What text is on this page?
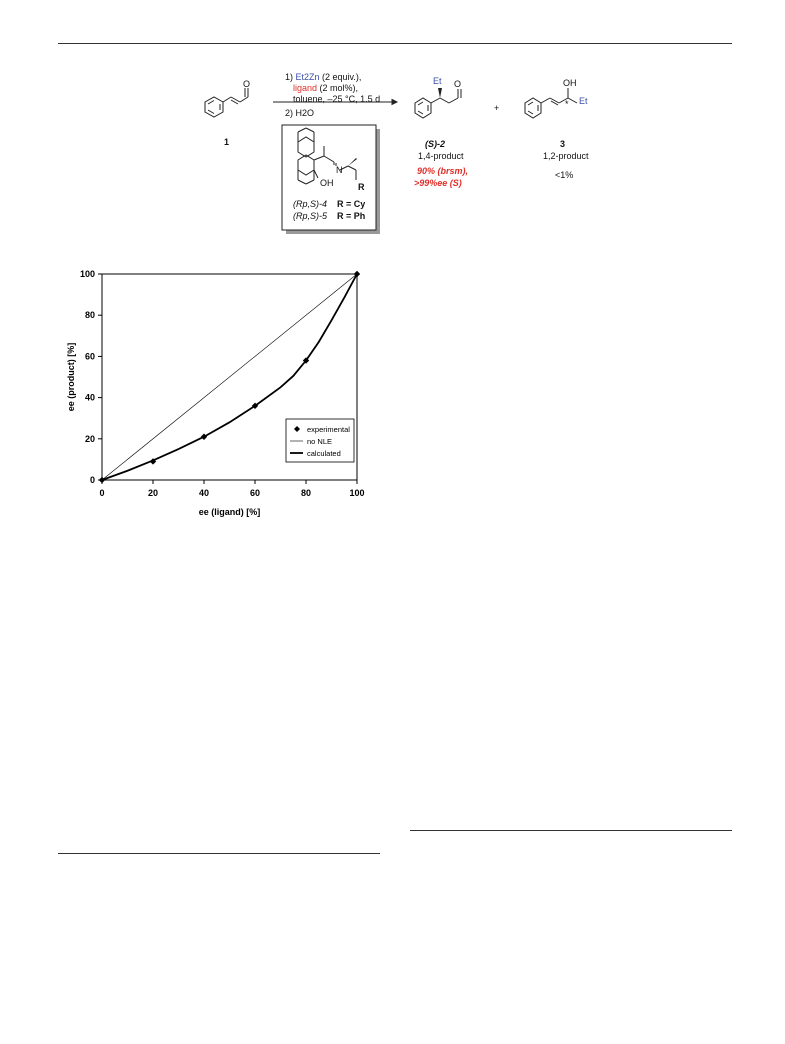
1) Et2Zn (2 equiv.),
ligand (2 mol%),
toluene, –25 °C, 1.5 d
2) H2O
O
1
Et O
(S)-2
1,4-product
90% (brsm),
>99%ee (S)
+
OH
* Et
3
1,2-product
<1%
OH
N
R
(Rp,S)-4 R = Cy
(Rp,S)-5 R = Ph
0	20	40	60	80	100
0
20
40
60
80
100
ee (ligand) [%]
ee (product) [%]
experimental
no NLE
calculated
